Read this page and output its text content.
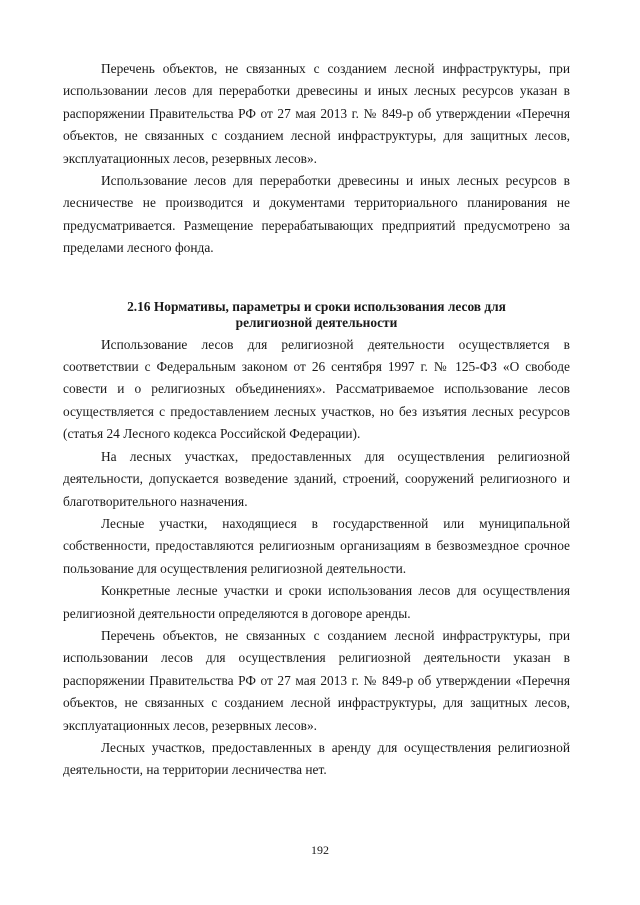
Перечень объектов, не связанных с созданием лесной инфраструктуры, при использовании лесов для переработки древесины и иных лесных ресурсов указан в распоряжении Правительства РФ от 27 мая 2013 г. № 849-р об утверждении «Перечня объектов, не связанных с созданием лесной инфраструктуры, для защитных лесов, эксплуатационных лесов, резервных лесов».

Использование лесов для переработки древесины и иных лесных ресурсов в лесничестве не производится и документами территориального планирования не предусматривается. Размещение перерабатывающих предприятий предусмотрено за пределами лесного фонда.

2.16 Нормативы, параметры и сроки использования лесов для
религиозной деятельности

Использование лесов для религиозной деятельности осуществляется в соответствии с Федеральным законом от 26 сентября 1997 г. № 125-ФЗ «О свободе совести и о религиозных объединениях». Рассматриваемое использование лесов осуществляется с предоставлением лесных участков, но без изъятия лесных ресурсов (статья 24 Лесного кодекса Российской Федерации).

На лесных участках, предоставленных для осуществления религиозной деятельности, допускается возведение зданий, строений, сооружений религиозного и благотворительного назначения.

Лесные участки, находящиеся в государственной или муниципальной собственности, предоставляются религиозным организациям в безвозмездное срочное пользование для осуществления религиозной деятельности.

Конкретные лесные участки и сроки использования лесов для осуществления религиозной деятельности определяются в договоре аренды.

Перечень объектов, не связанных с созданием лесной инфраструктуры, при использовании лесов для осуществления религиозной деятельности указан в распоряжении Правительства РФ от 27 мая 2013 г. № 849-р об утверждении «Перечня объектов, не связанных с созданием лесной инфраструктуры, для защитных лесов, эксплуатационных лесов, резервных лесов».

Лесных участков, предоставленных в аренду для осуществления религиозной деятельности, на территории лесничества нет.

192
